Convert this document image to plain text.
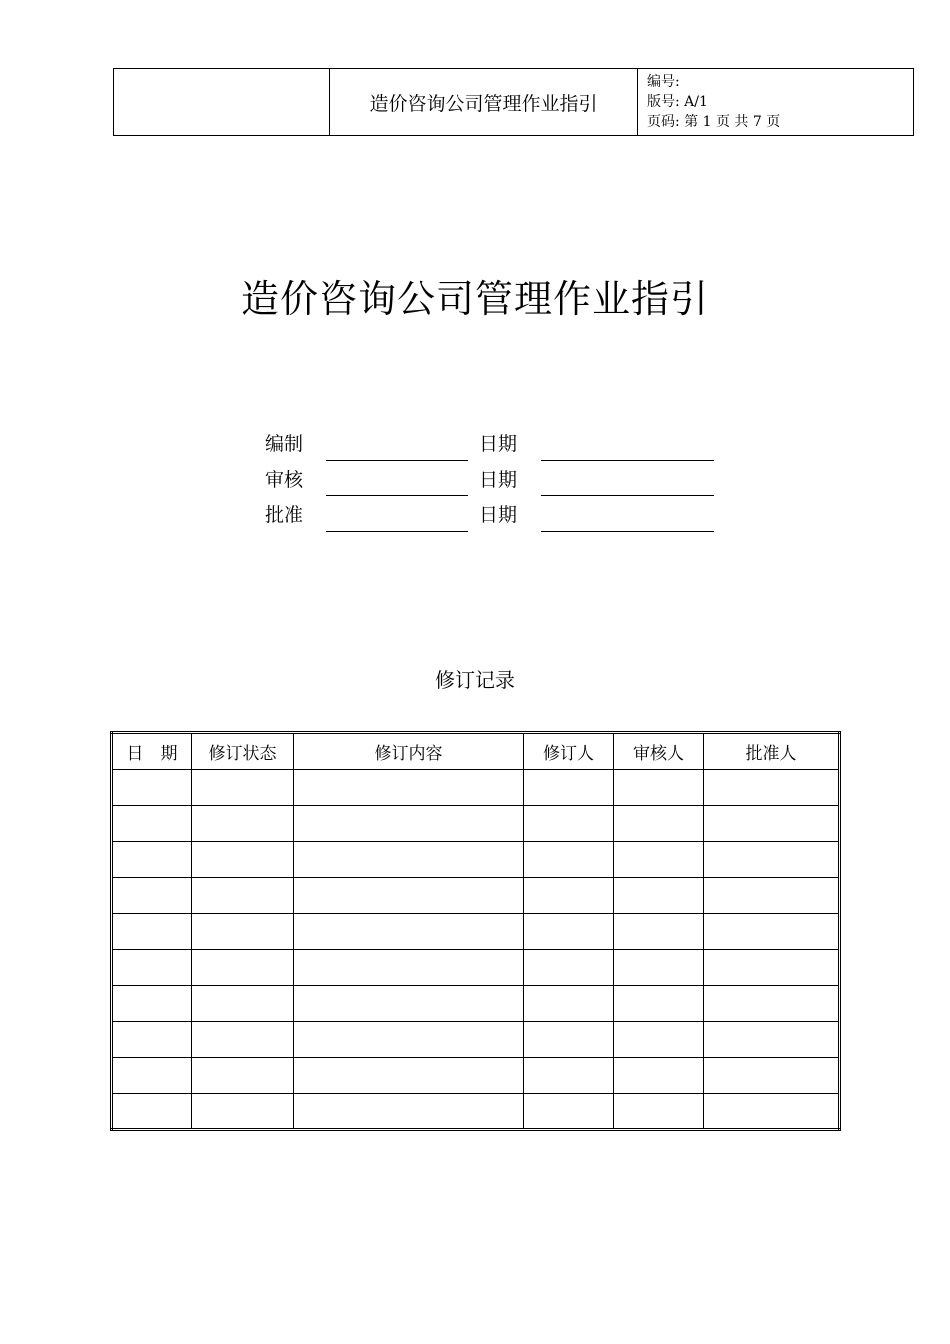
	造价咨询公司管理作业指引	
编号:
版号: A/1
页码: 第 1 页 共 7 页
造价咨询公司管理作业指引
编制	日期
审核	日期
批准	日期
修订记录
日　期	修订状态	修订内容	修订人	审核人	批准人
